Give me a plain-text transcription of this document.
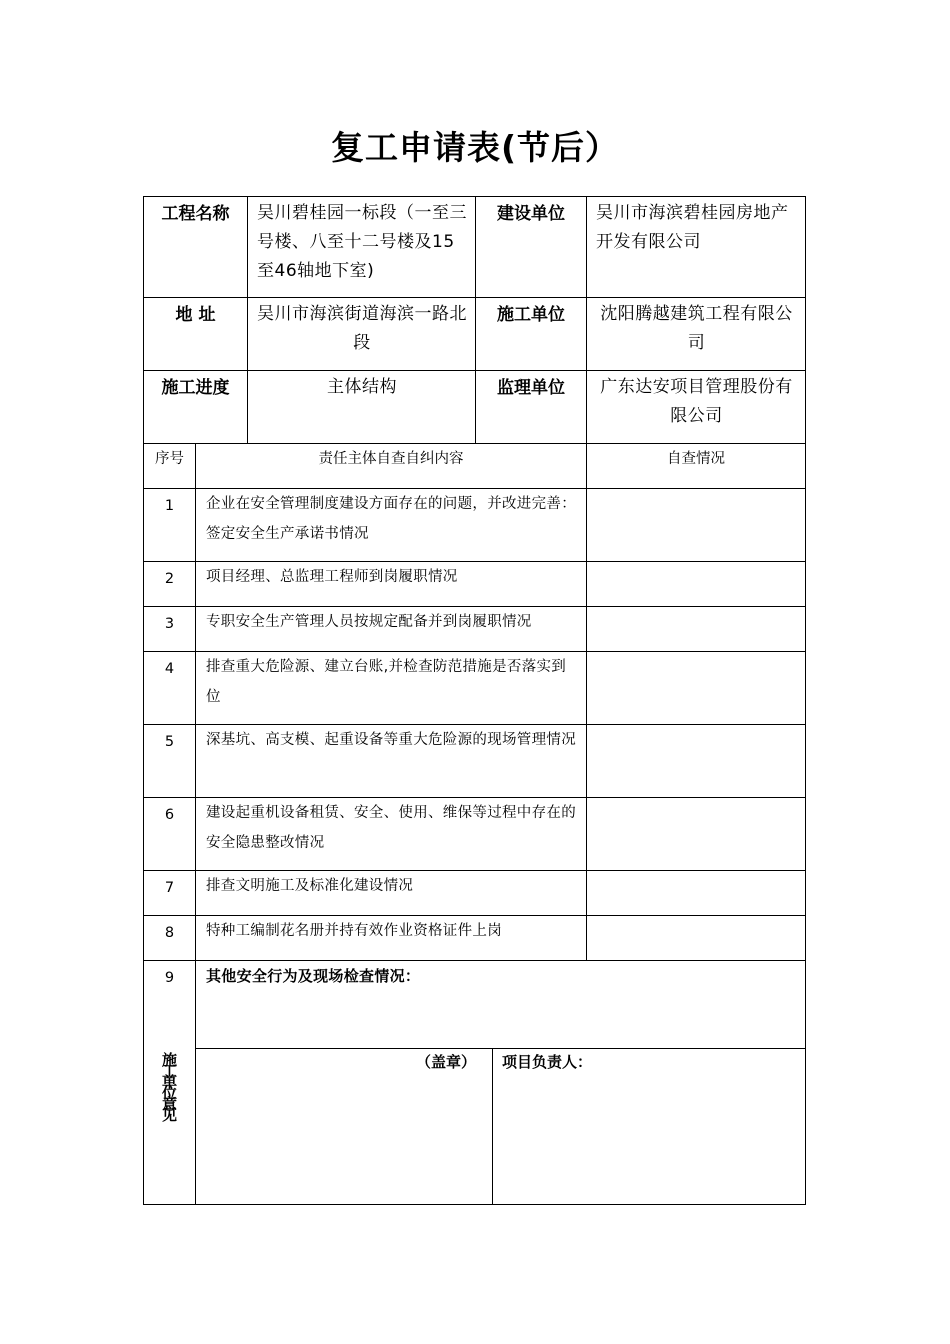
复工申请表(节后）
工程名称		吴川碧桂园一标段（一至三号楼、八至十二号楼及15至46轴地下室)	建设单位		吴川市海滨碧桂园房地产开发有限公司
地 址		吴川市海滨街道海滨一路北段	施工单位		沈阳腾越建筑工程有限公司
施工进度		主体结构	监理单位		广东达安项目管理股份有限公司
序号	责任主体自查自纠内容				自查情况
1	企业在安全管理制度建设方面存在的问题，并改进完善：签定安全生产承诺书情况				
2	项目经理、总监理工程师到岗履职情况				
3	专职安全生产管理人员按规定配备并到岗履职情况				
4	排查重大危险源、建立台账,并检查防范措施是否落实到位				
5	深基坑、高支模、起重设备等重大危险源的现场管理情况				
6	建设起重机设备租赁、安全、使用、维保等过程中存在的安全隐患整改情况				
7	排查文明施工及标准化建设情况				
8	特种工编制花名册并持有效作业资格证件上岗				
9	其他安全行为及现场检查情况：				

施工单位意见	（盖章）			项目负责人：	
